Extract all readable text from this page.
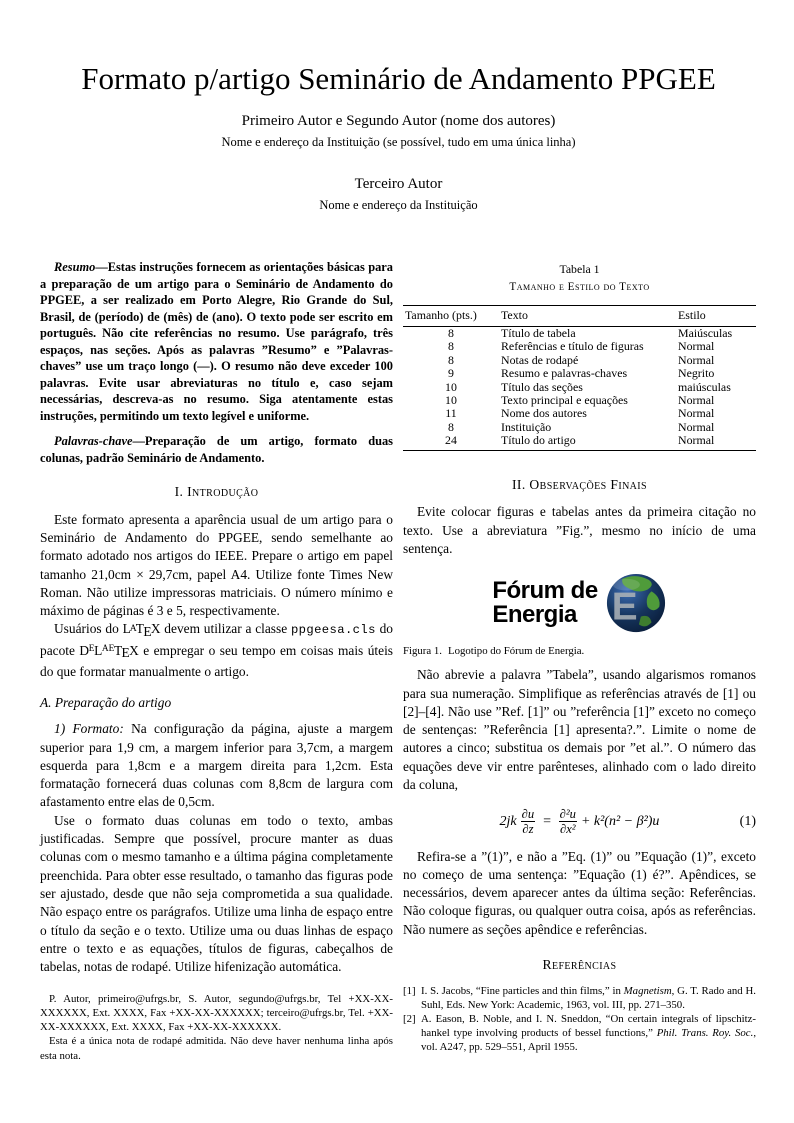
Formato p/artigo Seminário de Andamento PPGEE
Primeiro Autor e Segundo Autor (nome dos autores)
Nome e endereço da Instituição (se possível, tudo em uma única linha)
Terceiro Autor
Nome e endereço da Instituição

Resumo—Estas instruções fornecem as orientações básicas para a preparação de um artigo para o Seminário de Andamento do PPGEE, a ser realizado em Porto Alegre, Rio Grande do Sul, Brasil, de (período) de (mês) de (ano). O texto pode ser escrito em português. Não cite referências no resumo. Use parágrafo, três espaços, nas seções. Após as palavras ”Resumo” e ”Palavras-chaves” use um traço longo (—). O resumo não deve exceder 100 palavras. Evite usar abreviaturas no título e, caso sejam necessárias, descreva-as no resumo. Siga atentamente estas instruções, permitindo um texto legível e uniforme.

Palavras-chave—Preparação de um artigo, formato duas colunas, padrão Seminário de Andamento.

I. Introdução

Este formato apresenta a aparência usual de um artigo para o Seminário de Andamento do PPGEE, sendo semelhante ao formato adotado nos artigos do IEEE. Prepare o artigo em papel tamanho 21,0cm × 29,7cm, papel A4. Utilize fonte Times New Roman. Não utilize impressoras matriciais. O número mínimo e máximo de páginas é 3 e 5, respectivamente.

Usuários do LATEX devem utilizar a classe ppgeesa.cls do pacote $D^EL^{AE}TEX$ e empregar o seu tempo em coisas mais úteis do que formatar manualmente o artigo.

A. Preparação do artigo

1) Formato: Na configuração da página, ajuste a margem superior para 1,9 cm, a margem inferior para 3,7cm, a margem esquerda para 1,8cm e a margem direita para 1,2cm. Esta formatação fornecerá duas colunas com 8,8cm de largura com afastamento entre elas de 0,5cm.

Use o formato duas colunas em todo o texto, ambas justificadas. Sempre que possível, procure manter as duas colunas com o mesmo tamanho e a última página completamente preenchida. Para obter esse resultado, o tamanho das figuras pode ser ajustado, desde que não seja comprometida a sua qualidade. Não espaço entre os parágrafos. Utilize uma linha de espaço entre o título da seção e o texto. Utilize uma ou duas linhas de espaço entre o texto e as equações, títulos de figuras, cabeçalhos de tabelas, notas de rodapé. Utilize hifenização automática.

P. Autor, primeiro@ufrgs.br, S. Autor, segundo@ufrgs.br, Tel +XX-XX-XXXXXX, Ext. XXXX, Fax +XX-XX-XXXXXX; terceiro@ufrgs.br, Tel. +XX-XX-XXXXXX, Ext. XXXX, Fax +XX-XX-XXXXXX.

Esta é a única nota de rodapé admitida. Não deve haver nenhuma linha após esta nota.

Tabela 1

Tamanho e Estilo do Texto

Tamanho (pts.)	Texto	Estilo
8	Título de tabela	Maiúsculas
8	Referências e título de figuras	Normal
8	Notas de rodapé	Normal
9	Resumo e palavras-chaves	Negrito
10	Título das seções	maiúsculas
10	Texto principal e equações	Normal
11	Nome dos autores	Normal
8	Instituição	Normal
24	Título do artigo	Normal
II. Observações Finais

Evite colocar figuras e tabelas antes da primeira citação no texto. Use a abreviatura ”Fig.”, mesmo no início de uma sentença.

Fórum de
Energia E

Figura 1. Logotipo do Fórum de Energia.

Não abrevie a palavra ”Tabela”, usando algarismos romanos para sua numeração. Simplifique as referências através de [1] ou [2]–[4]. Não use ”Ref. [1]” ou ”referência [1]” exceto no começo de sentenças: ”Referência [1] apresenta?.”. Limite o nome de autores a cinco; substitua os demais por ”et al.”. O número das equações deve vir entre parênteses, alinhado com o lado direito da coluna,

$2jk \frac{\partial u}{\partial z} = \frac{\text{∂²u}}{\text{∂x²}} + k^2(n^2 - \beta^2)u$	(1)

Refira-se a ”(1)”, e não a ”Eq. (1)” ou ”Equação (1)”, exceto no começo de uma sentença: ”Equação (1) é?”. Apêndices, se necessários, devem aparecer antes da última seção: Referências. Não coloque figuras, ou qualquer outra coisa, após as referências. Não numere as seções apêndice e referências.

Referências

[1] I. S. Jacobs, “Fine particles and thin films,” in Magnetism, G. T. Rado and H. Suhl, Eds. New York: Academic, 1963, vol. III, pp. 271–350.

[2] A. Eason, B. Noble, and I. N. Sneddon, “On certain integrals of lipschitz-hankel type involving products of bessel functions,” Phil. Trans. Roy. Soc., vol. A247, pp. 529–551, April 1955.
